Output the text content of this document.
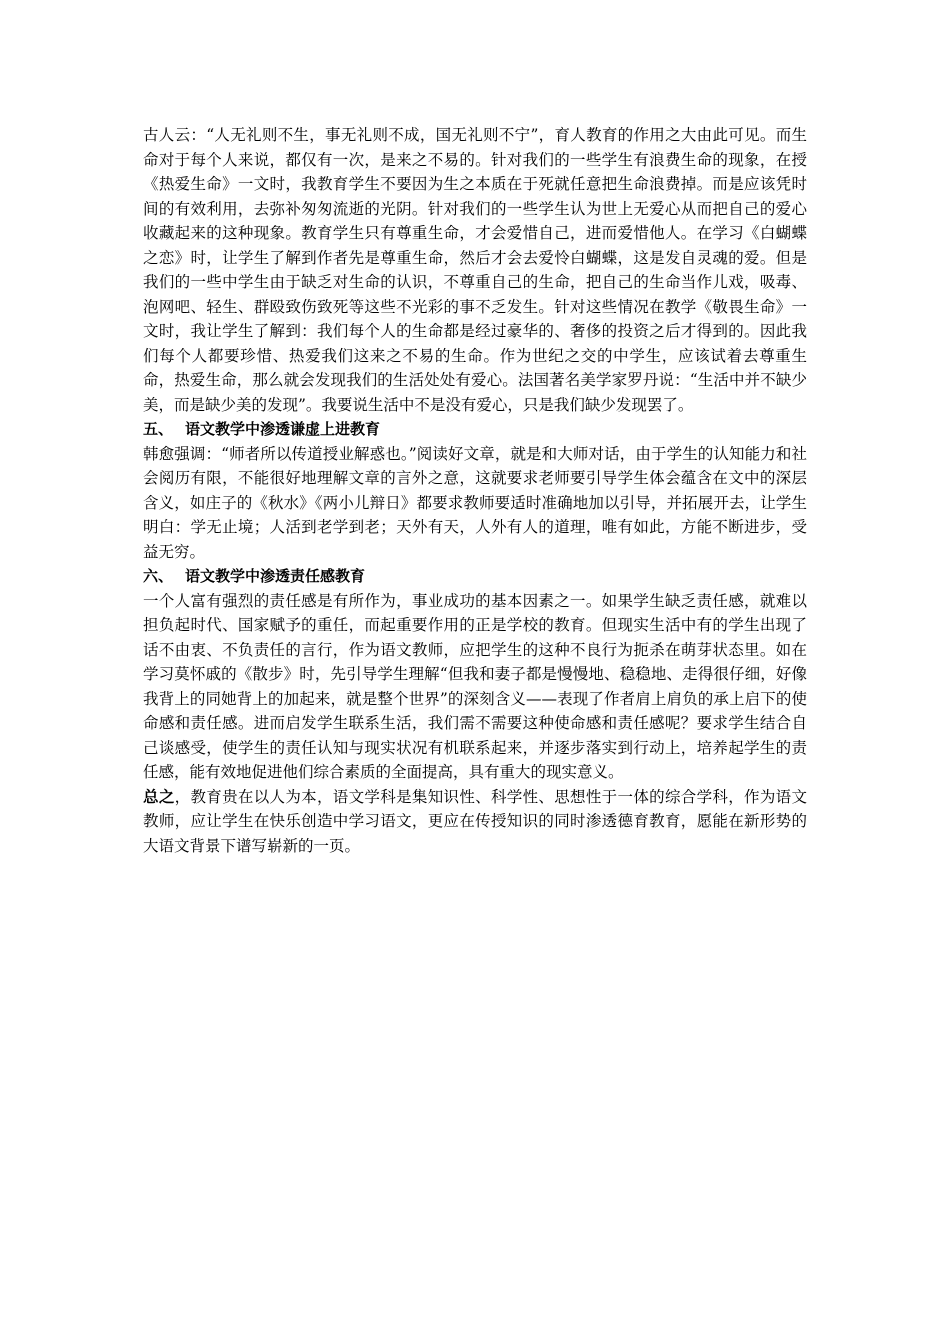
古人云：“人无礼则不生，事无礼则不成，国无礼则不宁”，育人教育的作用之大由此可见。而生命对于每个人来说，都仅有一次，是来之不易的。针对我们的一些学生有浪费生命的现象，在授《热爱生命》一文时，我教育学生不要因为生之本质在于死就任意把生命浪费掉。而是应该凭时间的有效利用，去弥补匆匆流逝的光阴。针对我们的一些学生认为世上无爱心从而把自己的爱心收藏起来的这种现象。教育学生只有尊重生命，才会爱惜自己，进而爱惜他人。在学习《白蝴蝶之恋》时，让学生了解到作者先是尊重生命，然后才会去爱怜白蝴蝶，这是发自灵魂的爱。但是我们的一些中学生由于缺乏对生命的认识，不尊重自己的生命，把自己的生命当作儿戏，吸毒、泡网吧、轻生、群殴致伤致死等这些不光彩的事不乏发生。针对这些情况在教学《敬畏生命》一文时，我让学生了解到：我们每个人的生命都是经过豪华的、奢侈的投资之后才得到的。因此我们每个人都要珍惜、热爱我们这来之不易的生命。作为世纪之交的中学生，应该试着去尊重生命，热爱生命，那么就会发现我们的生活处处有爱心。法国著名美学家罗丹说：“生活中并不缺少美，而是缺少美的发现”。我要说生活中不是没有爱心，只是我们缺少发现罢了。

五、 语文教学中渗透谦虚上进教育

韩愈强调：“师者所以传道授业解惑也。”阅读好文章，就是和大师对话，由于学生的认知能力和社会阅历有限，不能很好地理解文章的言外之意，这就要求老师要引导学生体会蕴含在文中的深层含义，如庄子的《秋水》《两小儿辩日》都要求教师要适时准确地加以引导，并拓展开去，让学生明白：学无止境；人活到老学到老；天外有天，人外有人的道理，唯有如此，方能不断进步，受益无穷。

六、 语文教学中渗透责任感教育

一个人富有强烈的责任感是有所作为，事业成功的基本因素之一。如果学生缺乏责任感，就难以担负起时代、国家赋予的重任，而起重要作用的正是学校的教育。但现实生活中有的学生出现了话不由衷、不负责任的言行，作为语文教师，应把学生的这种不良行为扼杀在萌芽状态里。如在学习莫怀戚的《散步》时，先引导学生理解“但我和妻子都是慢慢地、稳稳地、走得很仔细，好像我背上的同她背上的加起来，就是整个世界”的深刻含义——表现了作者肩上肩负的承上启下的使命感和责任感。进而启发学生联系生活，我们需不需要这种使命感和责任感呢？要求学生结合自己谈感受，使学生的责任认知与现实状况有机联系起来，并逐步落实到行动上，培养起学生的责任感，能有效地促进他们综合素质的全面提高，具有重大的现实意义。

总之，教育贵在以人为本，语文学科是集知识性、科学性、思想性于一体的综合学科，作为语文教师，应让学生在快乐创造中学习语文，更应在传授知识的同时渗透德育教育，愿能在新形势的大语文背景下谱写崭新的一页。
